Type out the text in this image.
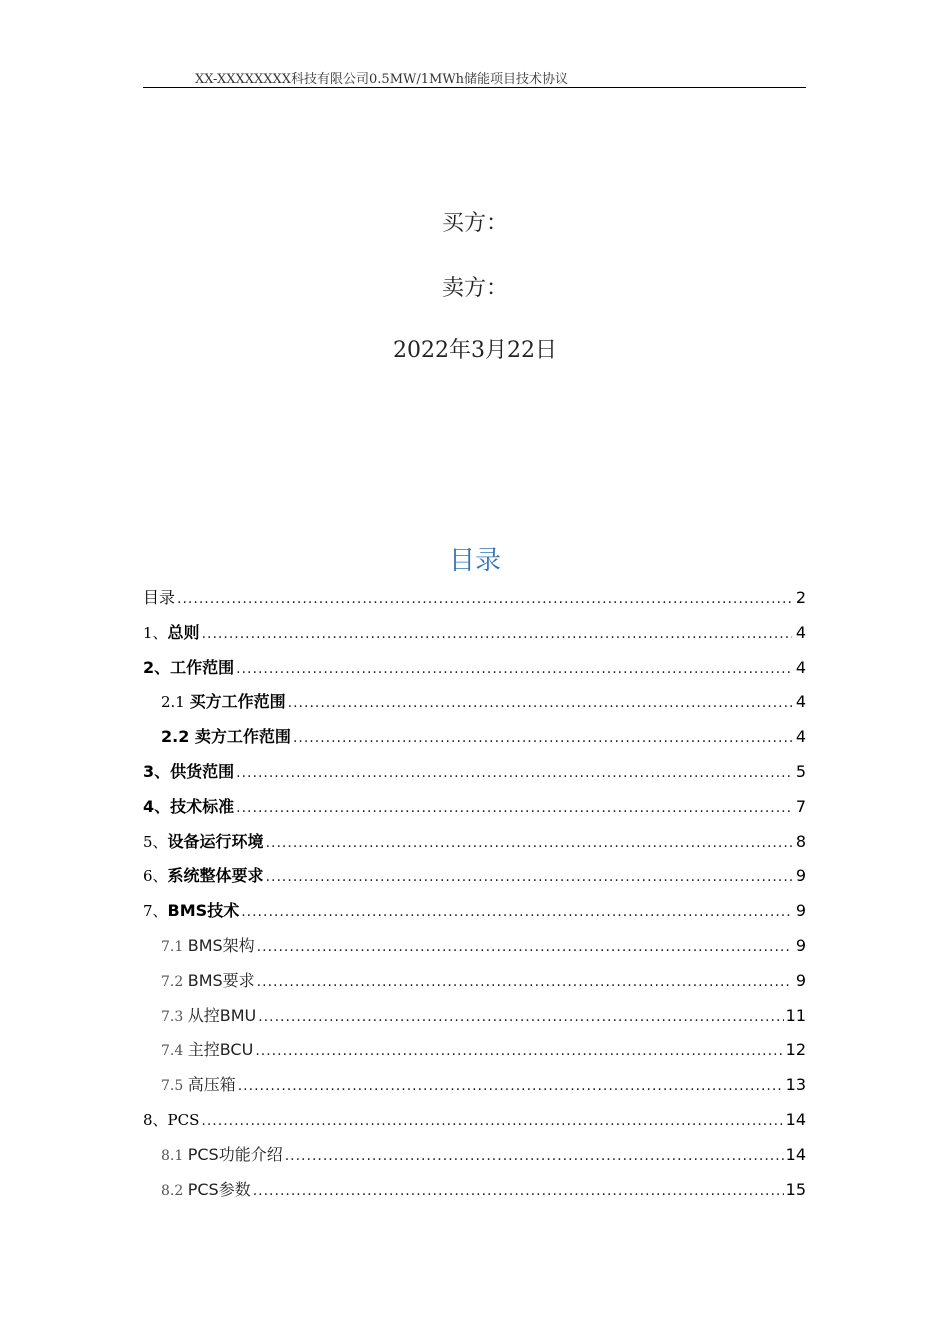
XX-XXXXXXXX科技有限公司0.5MW/1MWh储能项目技术协议
买方：
卖方：
2022年3月22日
目录
目录 .....	2
1、总则 .....	4
2、工作范围 .....	4
2.1 买方工作范围 .....	4
2.2 卖方工作范围 .....	4
3、供货范围 .....	5
4、技术标准 .....	7
5、设备运行环境 .....	8
6、系统整体要求 .....	9
7、BMS技术 .....	9
7.1 BMS架构 .....	9
7.2 BMS要求 .....	9
7.3 从控BMU .....	11
7.4 主控BCU .....	12
7.5 高压箱 .....	13
8、PCS .....	14
8.1 PCS功能介绍 .....	14
8.2 PCS参数 .....	15
